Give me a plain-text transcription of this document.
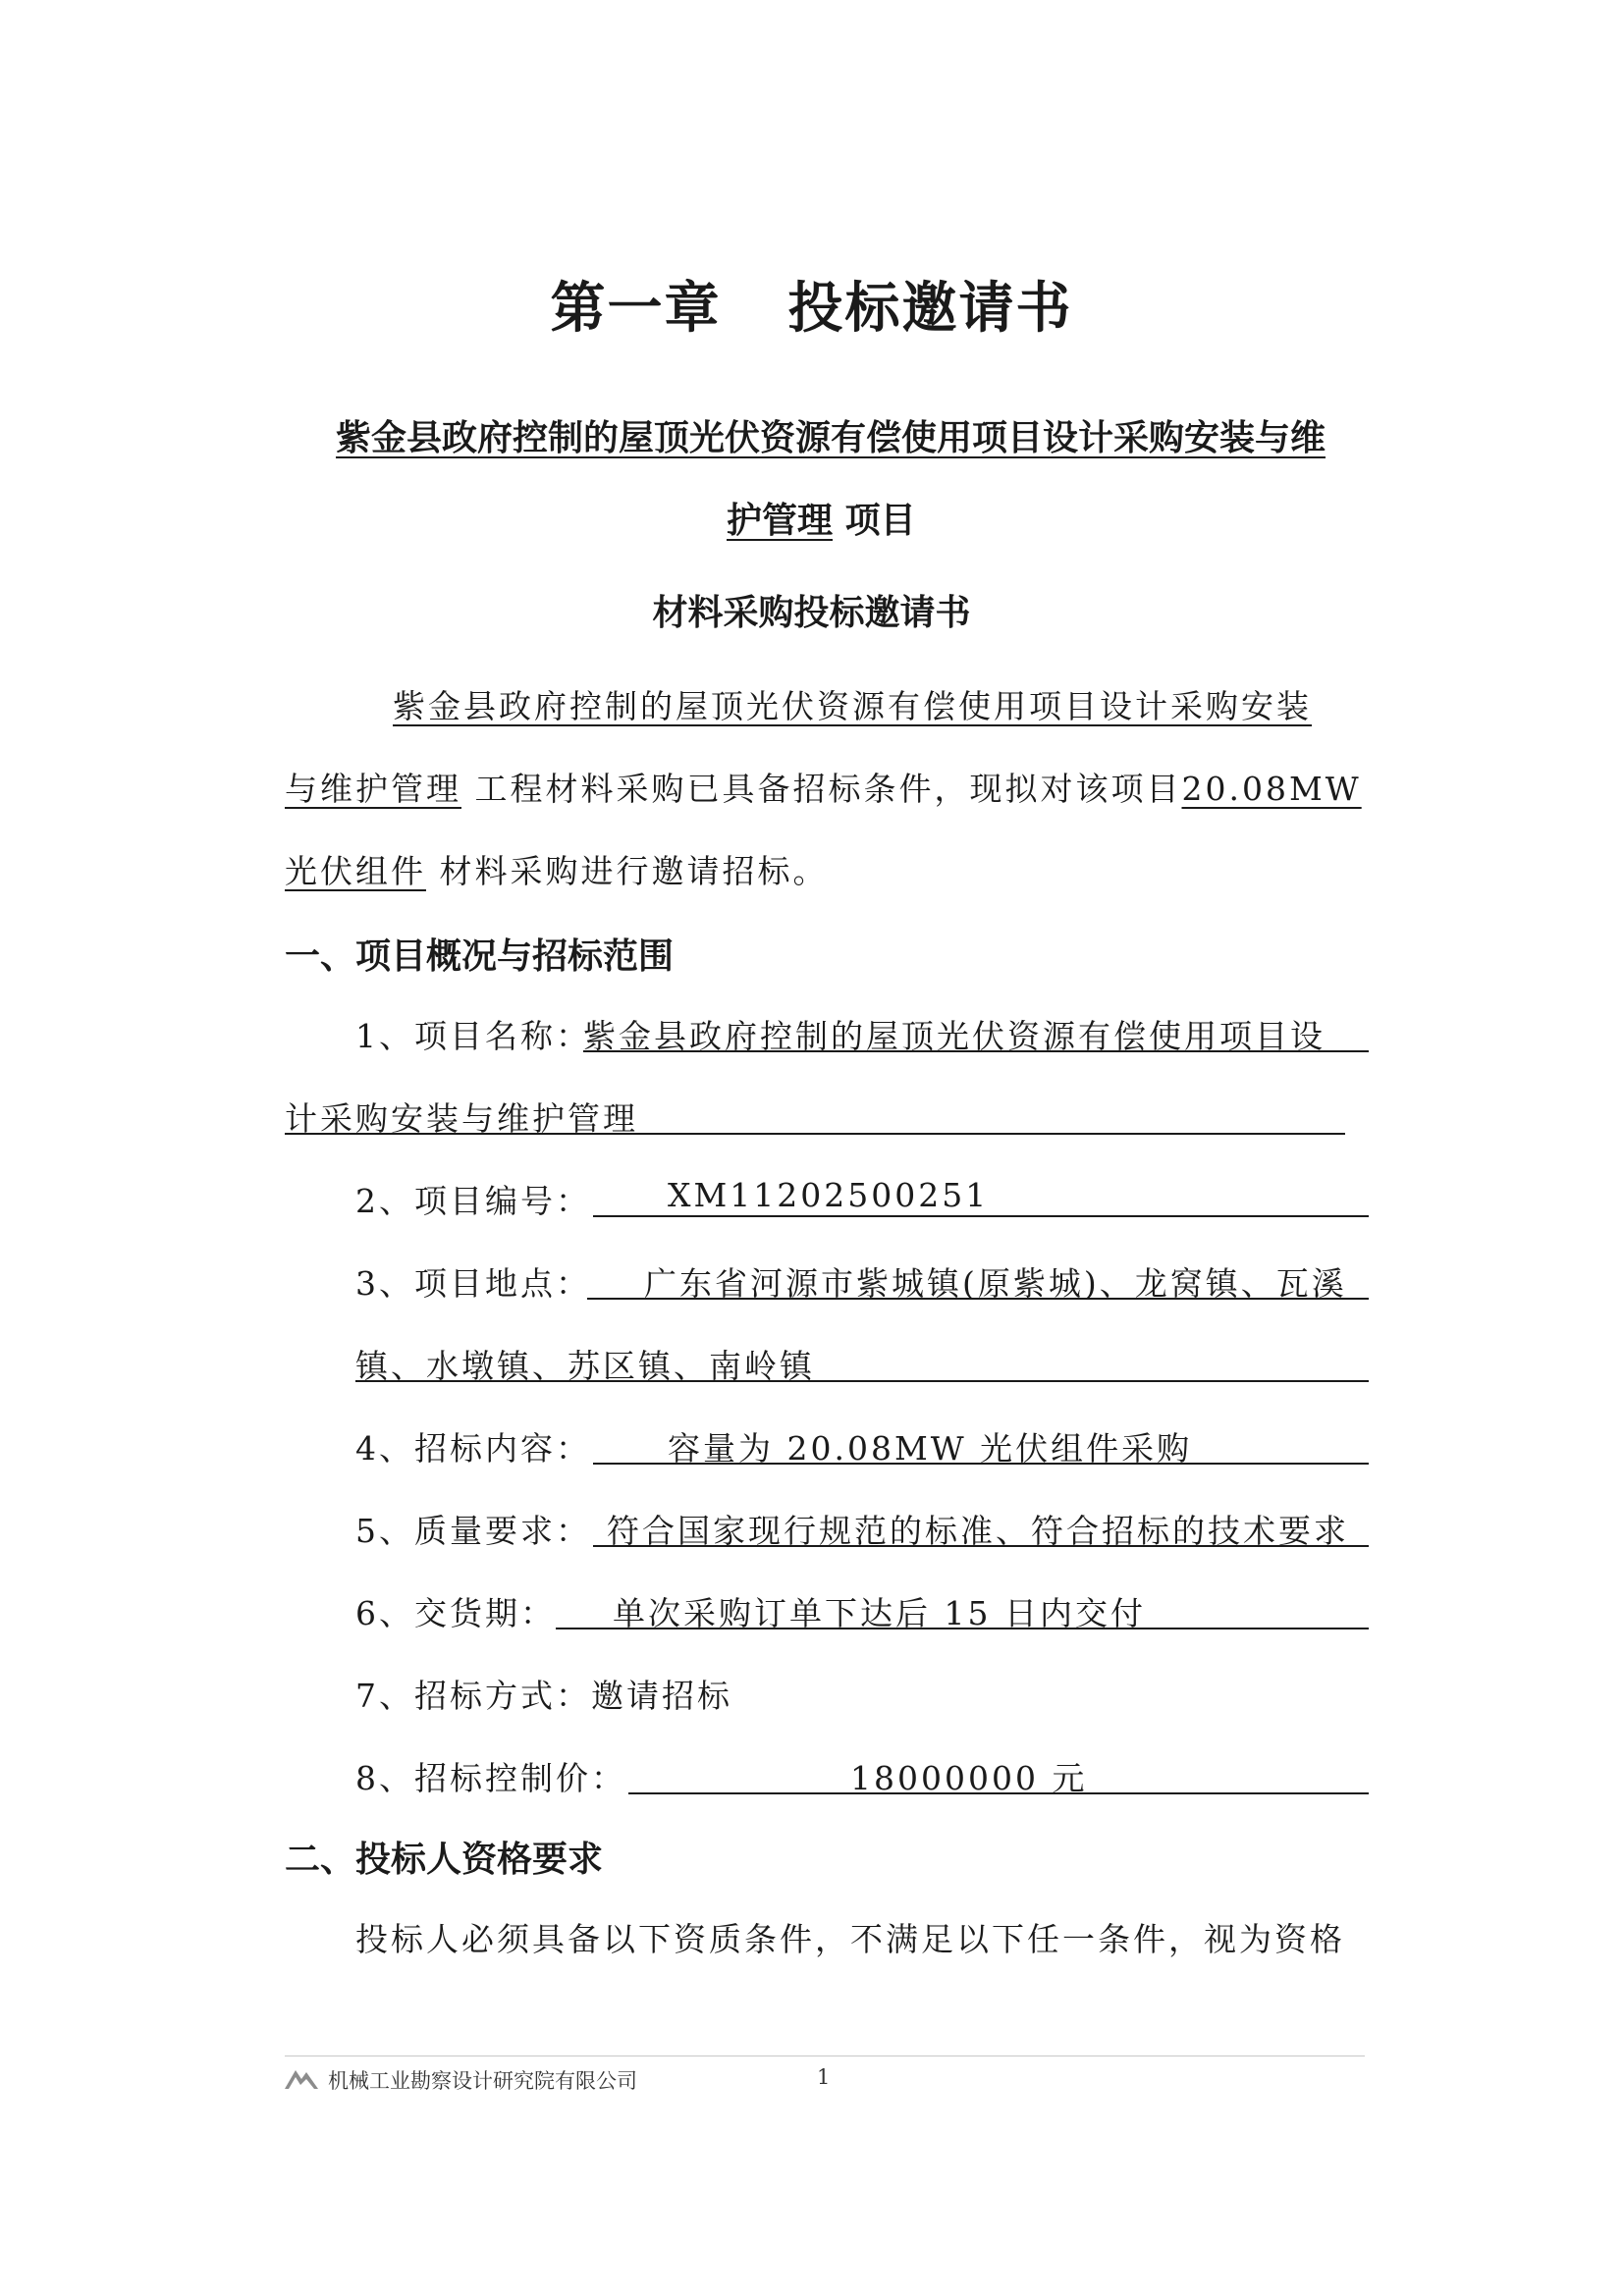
第一章 投标邀请书
紫金县政府控制的屋顶光伏资源有偿使用项目设计采购安装与维
护管理 项目
材料采购投标邀请书
紫金县政府控制的屋顶光伏资源有偿使用项目设计采购安装
与维护管理 工程材料采购已具备招标条件，现拟对该项目20.08MW
光伏组件 材料采购进行邀请招标。
一、项目概况与招标范围
1、项目名称：
紫金县政府控制的屋顶光伏资源有偿使用项目设
计采购安装与维护管理
2、项目编号： XM11202500251
3、项目地点： 广东省河源市紫城镇(原紫城)、龙窝镇、瓦溪
镇、水墩镇、苏区镇、南岭镇
4、招标内容： 容量为 20.08MW 光伏组件采购
5、质量要求： 符合国家现行规范的标准、符合招标的技术要求
6、交货期： 单次采购订单下达后 15 日内交付
7、招标方式：邀请招标
8、招标控制价：	18000000 元
二、投标人资格要求
投标人必须具备以下资质条件，不满足以下任一条件，视为资格
机械工业勘察设计研究院有限公司	1
